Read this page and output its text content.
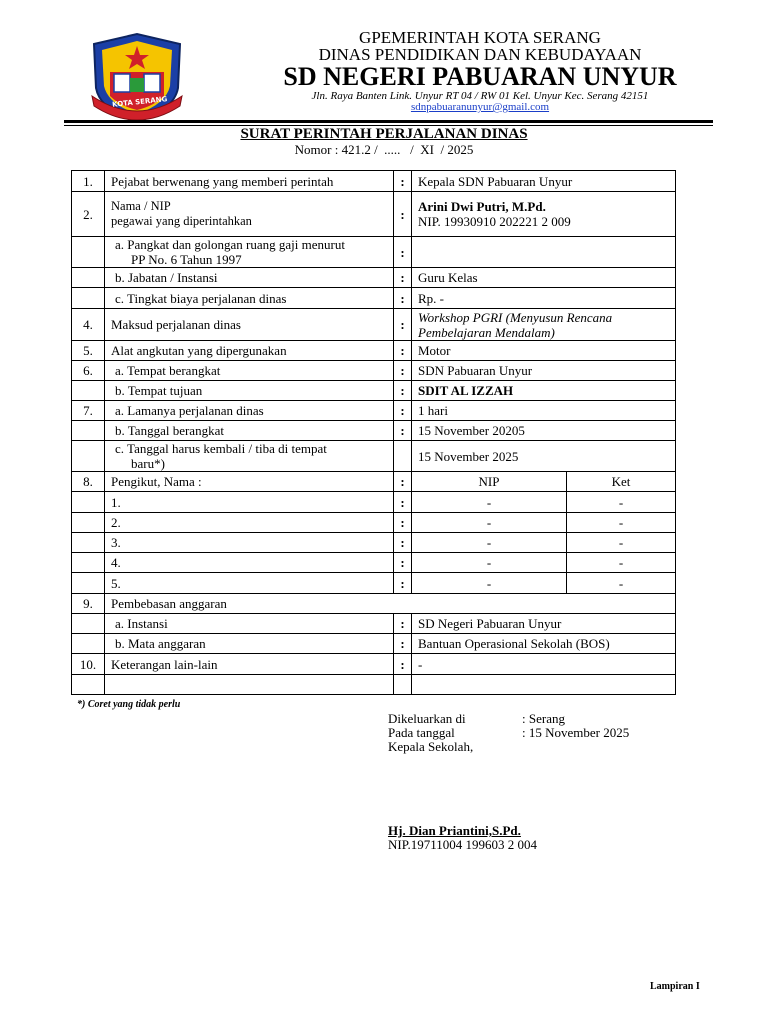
KOTA SERANG
GPEMERINTAH KOTA SERANG
DINAS PENDIDIKAN DAN KEBUDAYAAN
SD NEGERI PABUARAN UNYUR
Jln. Raya Banten Link. Unyur RT 04 / RW 01 Kel. Unyur Kec. Serang 42151
sdnpabuaranunyur@gmail.com
SURAT PERINTAH PERJALANAN DINAS
Nomor : 421.2 /  .....   /  XI  / 2025
1.	Pejabat berwenang yang memberi perintah	:	Kepala SDN Pabuaran Unyur	
2.	Nama / NIP
pegawai yang diperintahkan	:	Arini Dwi Putri, M.Pd.
NIP. 19930910 202221 2 009	
	a. Pangkat dan golongan ruang gaji menurut
PP No. 6 Tahun 1997	:		
	b. Jabatan / Instansi	:	Guru Kelas	
	c. Tingkat biaya perjalanan dinas	:	Rp. -	
4.	Maksud perjalanan dinas	:	Workshop PGRI (Menyusun Rencana
Pembelajaran Mendalam)	
5.	Alat angkutan yang dipergunakan	:	Motor	
6.	a. Tempat berangkat	:	SDN Pabuaran Unyur	
	b. Tempat tujuan	:	SDIT AL IZZAH	
7.	a. Lamanya perjalanan dinas	:	1 hari	
	b. Tanggal berangkat	:	15 November 20205	
	c. Tanggal harus kembali / tiba di tempat
baru*)		15 November 2025	
8.	Pengikut, Nama :	:	NIP	Ket
	1.	:	-	-
	2.	:	-	-
	3.	:	-	-
	4.	:	-	-
	5.	:	-	-
9.	Pembebasan anggaran			
	a. Instansi	:	SD Negeri Pabuaran Unyur	
	b. Mata anggaran	:	Bantuan Operasional Sekolah (BOS)	
10.	Keterangan lain-lain	:	-	

*) Coret yang tidak perlu
Dikeluarkan di	: Serang
Pada tanggal	: 15 November 2025
Kepala Sekolah,
Hj. Dian Priantini,S.Pd.
NIP.19711004 199603 2 004
Lampiran I
